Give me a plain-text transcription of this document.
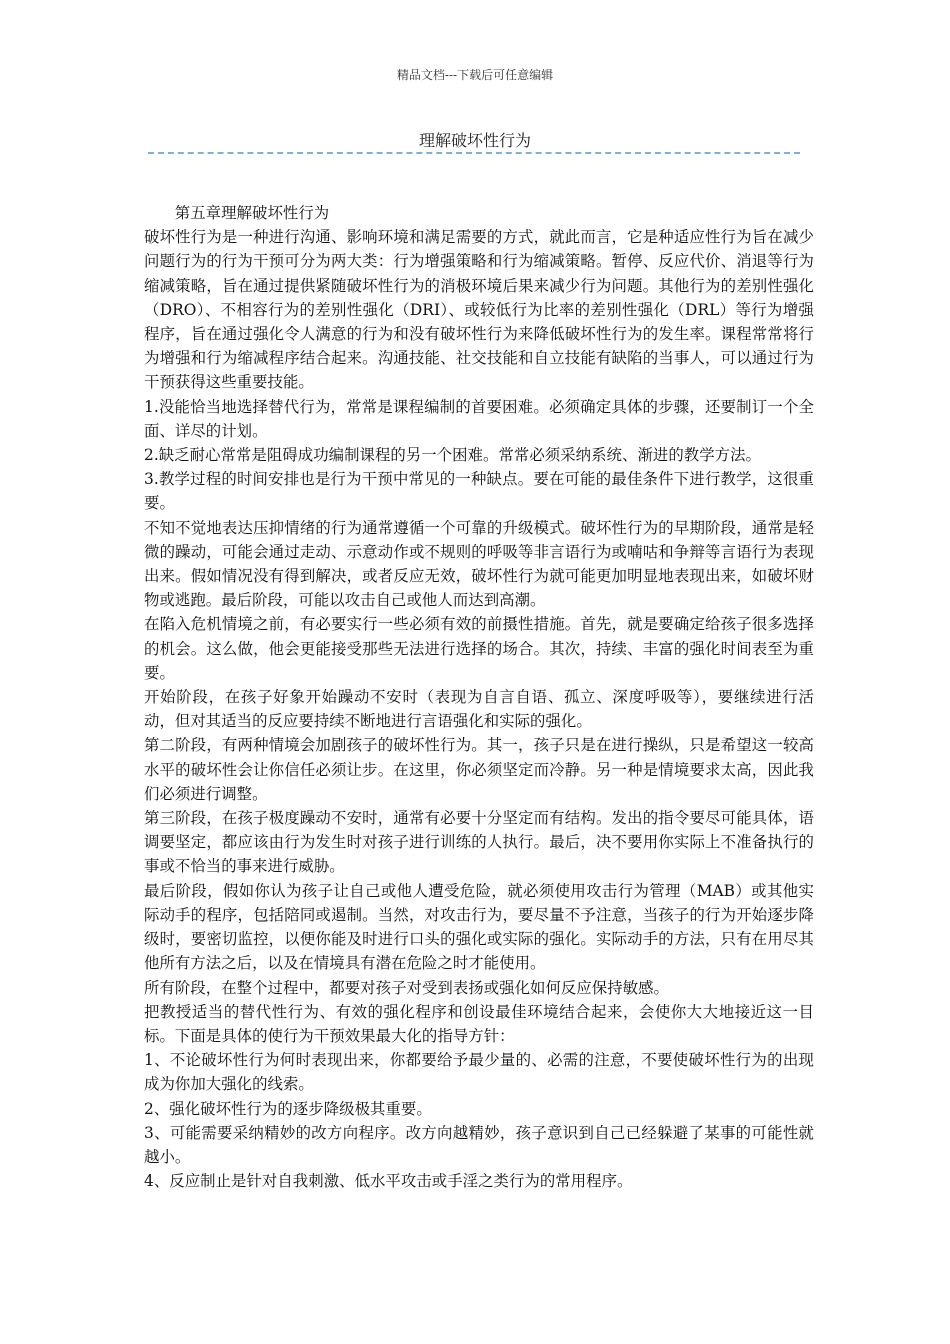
精品文档---下载后可任意编辑
理解破坏性行为

第五章理解破坏性行为

破坏性行为是一种进行沟通、影响环境和满足需要的方式，就此而言，它是种适应性行为旨在减少问题行为的行为干预可分为两大类：行为增强策略和行为缩减策略。暂停、反应代价、消退等行为缩减策略，旨在通过提供紧随破坏性行为的消极环境后果来减少行为问题。其他行为的差别性强化（DRO）、不相容行为的差别性强化（DRI）、或较低行为比率的差别性强化（DRL）等行为增强程序，旨在通过强化令人满意的行为和没有破坏性行为来降低破坏性行为的发生率。课程常常将行为增强和行为缩减程序结合起来。沟通技能、社交技能和自立技能有缺陷的当事人，可以通过行为干预获得这些重要技能。

1.没能恰当地选择替代行为，常常是课程编制的首要困难。必须确定具体的步骤，还要制订一个全面、详尽的计划。

2.缺乏耐心常常是阻碍成功编制课程的另一个困难。常常必须采纳系统、渐进的教学方法。

3.教学过程的时间安排也是行为干预中常见的一种缺点。要在可能的最佳条件下进行教学，这很重要。

不知不觉地表达压抑情绪的行为通常遵循一个可靠的升级模式。破坏性行为的早期阶段，通常是轻微的躁动，可能会通过走动、示意动作或不规则的呼吸等非言语行为或喃咕和争辩等言语行为表现出来。假如情况没有得到解决，或者反应无效，破坏性行为就可能更加明显地表现出来，如破坏财物或逃跑。最后阶段，可能以攻击自己或他人而达到高潮。

在陷入危机情境之前，有必要实行一些必须有效的前摄性措施。首先，就是要确定给孩子很多选择的机会。这么做，他会更能接受那些无法进行选择的场合。其次，持续、丰富的强化时间表至为重要。

开始阶段，在孩子好象开始躁动不安时（表现为自言自语、孤立、深度呼吸等），要继续进行活动，但对其适当的反应要持续不断地进行言语强化和实际的强化。

第二阶段，有两种情境会加剧孩子的破坏性行为。其一，孩子只是在进行操纵，只是希望这一较高水平的破坏性会让你信任必须让步。在这里，你必须坚定而冷静。另一种是情境要求太高，因此我们必须进行调整。

第三阶段，在孩子极度躁动不安时，通常有必要十分坚定而有结构。发出的指令要尽可能具体，语调要坚定，都应该由行为发生时对孩子进行训练的人执行。最后，决不要用你实际上不准备执行的事或不恰当的事来进行威胁。

最后阶段，假如你认为孩子让自己或他人遭受危险，就必须使用攻击行为管理（MAB）或其他实际动手的程序，包括陪同或遏制。当然，对攻击行为，要尽量不予注意，当孩子的行为开始逐步降级时，要密切监控，以便你能及时进行口头的强化或实际的强化。实际动手的方法，只有在用尽其他所有方法之后，以及在情境具有潜在危险之时才能使用。

所有阶段，在整个过程中，都要对孩子对受到表扬或强化如何反应保持敏感。

把教授适当的替代性行为、有效的强化程序和创设最佳环境结合起来，会使你大大地接近这一目标。下面是具体的使行为干预效果最大化的指导方针：

1、不论破坏性行为何时表现出来，你都要给予最少量的、必需的注意，不要使破坏性行为的出现成为你加大强化的线索。

2、强化破坏性行为的逐步降级极其重要。

3、可能需要采纳精妙的改方向程序。改方向越精妙，孩子意识到自己已经躲避了某事的可能性就越小。

4、反应制止是针对自我刺激、低水平攻击或手淫之类行为的常用程序。
